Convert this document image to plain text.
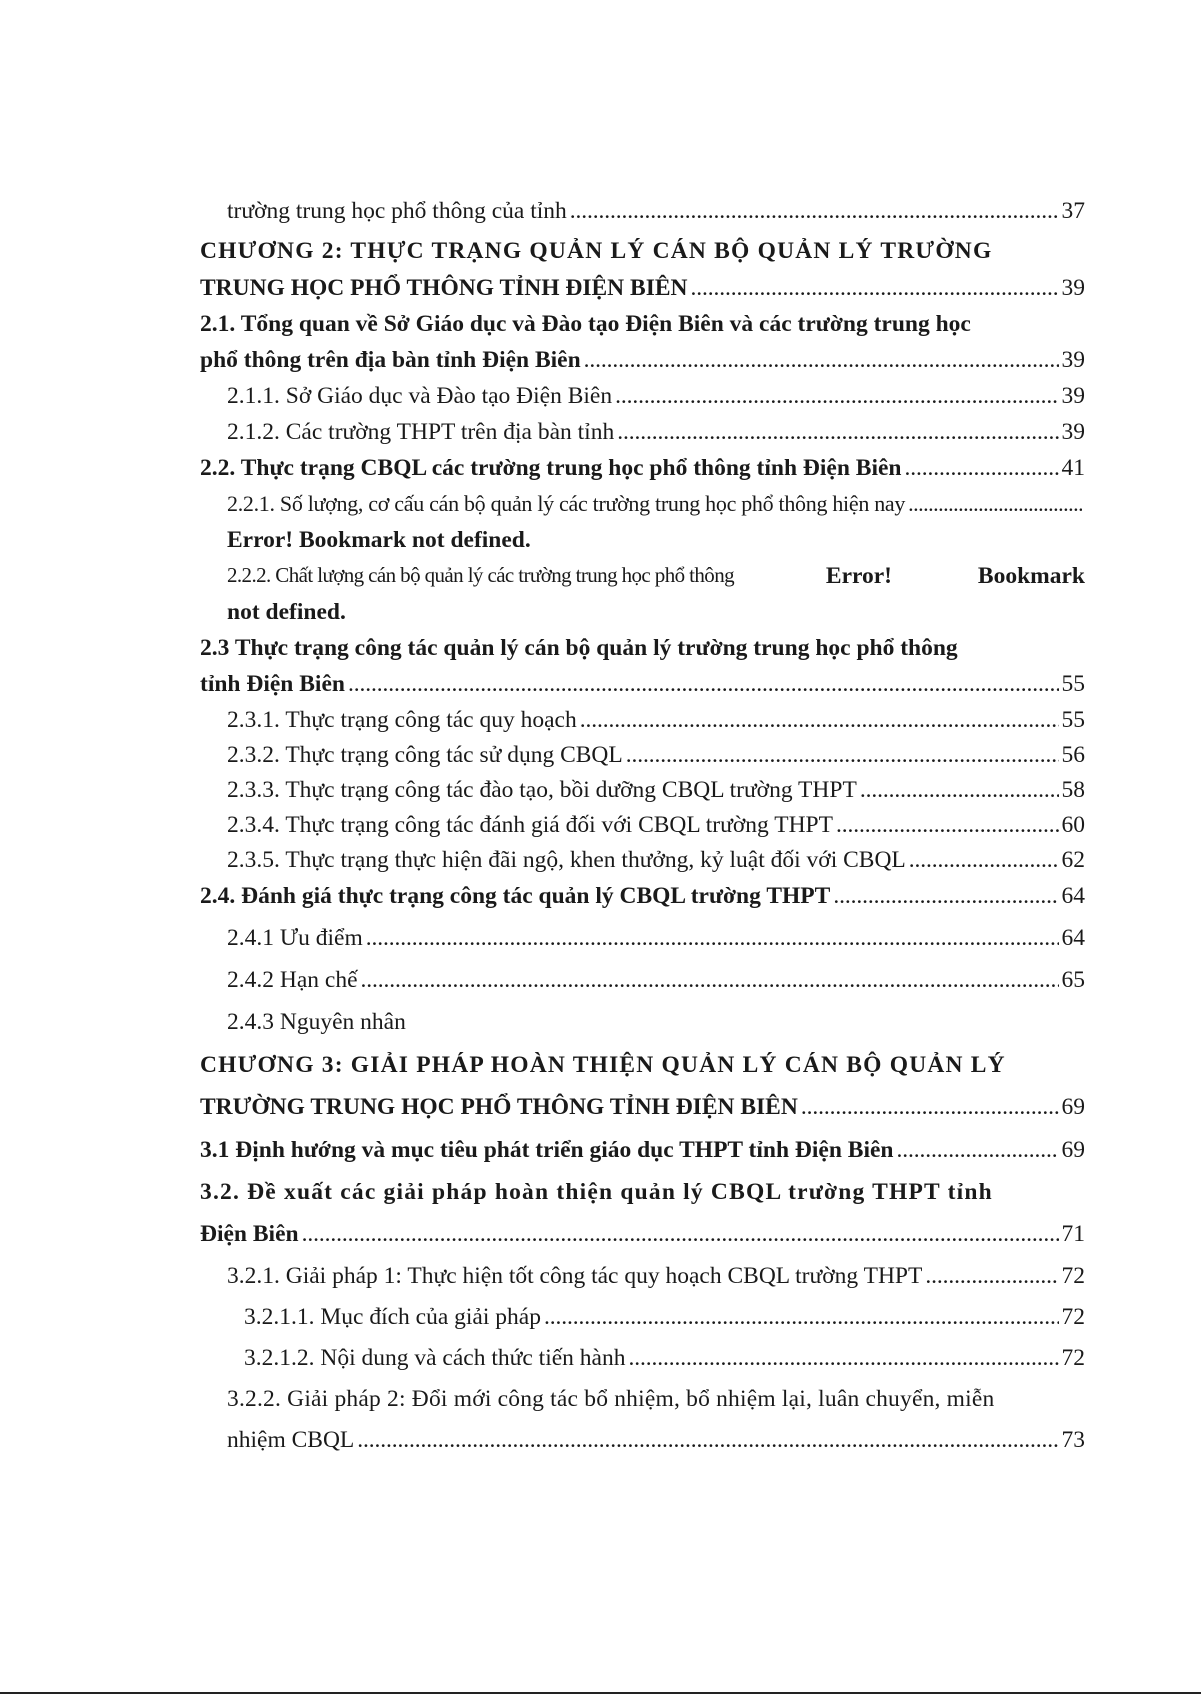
trường trung học phổ thông của tỉnh . . .	37
CHƯƠNG 2: THỰC TRẠNG QUẢN LÝ CÁN BỘ QUẢN LÝ TRƯỜNG
TRUNG HỌC PHỔ THÔNG TỈNH ĐIỆN BIÊN . . .	39
2.1. Tổng quan về Sở Giáo dục và Đào tạo Điện Biên và các trường trung học
phổ thông trên địa bàn tỉnh Điện Biên . . .	39
2.1.1. Sở Giáo dục và Đào tạo Điện Biên . . .	39
2.1.2. Các trường THPT trên địa bàn tỉnh . . .	39
2.2. Thực trạng CBQL các trường trung học phổ thông tỉnh Điện Biên . . .	41
2.2.1. Số lượng, cơ cấu cán bộ quản lý các trường trung học phổ thông hiện nay
. . .
Error! Bookmark not defined.
2.2.2. Chất lượng cán bộ quản lý các trường trung học phổ thông	Error!	Bookmark
not defined.
2.3 Thực trạng công tác quản lý cán bộ quản lý trường trung học phổ thông
tỉnh Điện Biên . . .	55
2.3.1. Thực trạng công tác quy hoạch . . .	55
2.3.2. Thực trạng công tác sử dụng CBQL . . .	56
2.3.3. Thực trạng công tác đào tạo, bồi dưỡng CBQL trường THPT . . .	58
2.3.4. Thực trạng công tác đánh giá đối với CBQL trường THPT . . .	60
2.3.5. Thực trạng thực hiện đãi ngộ, khen thưởng, kỷ luật đối với CBQL . . .	62
2.4. Đánh giá thực trạng công tác quản lý CBQL trường THPT . . .	64
2.4.1 Ưu điểm . . .	64
2.4.2 Hạn chế . . .	65
2.4.3 Nguyên nhân
CHƯƠNG 3: GIẢI PHÁP HOÀN THIỆN QUẢN LÝ CÁN BỘ QUẢN LÝ
TRƯỜNG TRUNG HỌC PHỔ THÔNG TỈNH ĐIỆN BIÊN . . .	69
3.1 Định hướng và mục tiêu phát triển giáo dục THPT tỉnh Điện Biên . . .	69
3.2. Đề xuất các giải pháp hoàn thiện quản lý CBQL trường THPT tỉnh
Điện Biên . . .	71
3.2.1. Giải pháp 1: Thực hiện tốt công tác quy hoạch CBQL trường THPT . . .	72
3.2.1.1. Mục đích của giải pháp . . .	72
3.2.1.2. Nội dung và cách thức tiến hành . . .	72
3.2.2. Giải pháp 2: Đổi mới công tác bổ nhiệm, bổ nhiệm lại, luân chuyển, miễn
nhiệm CBQL . . .	73
